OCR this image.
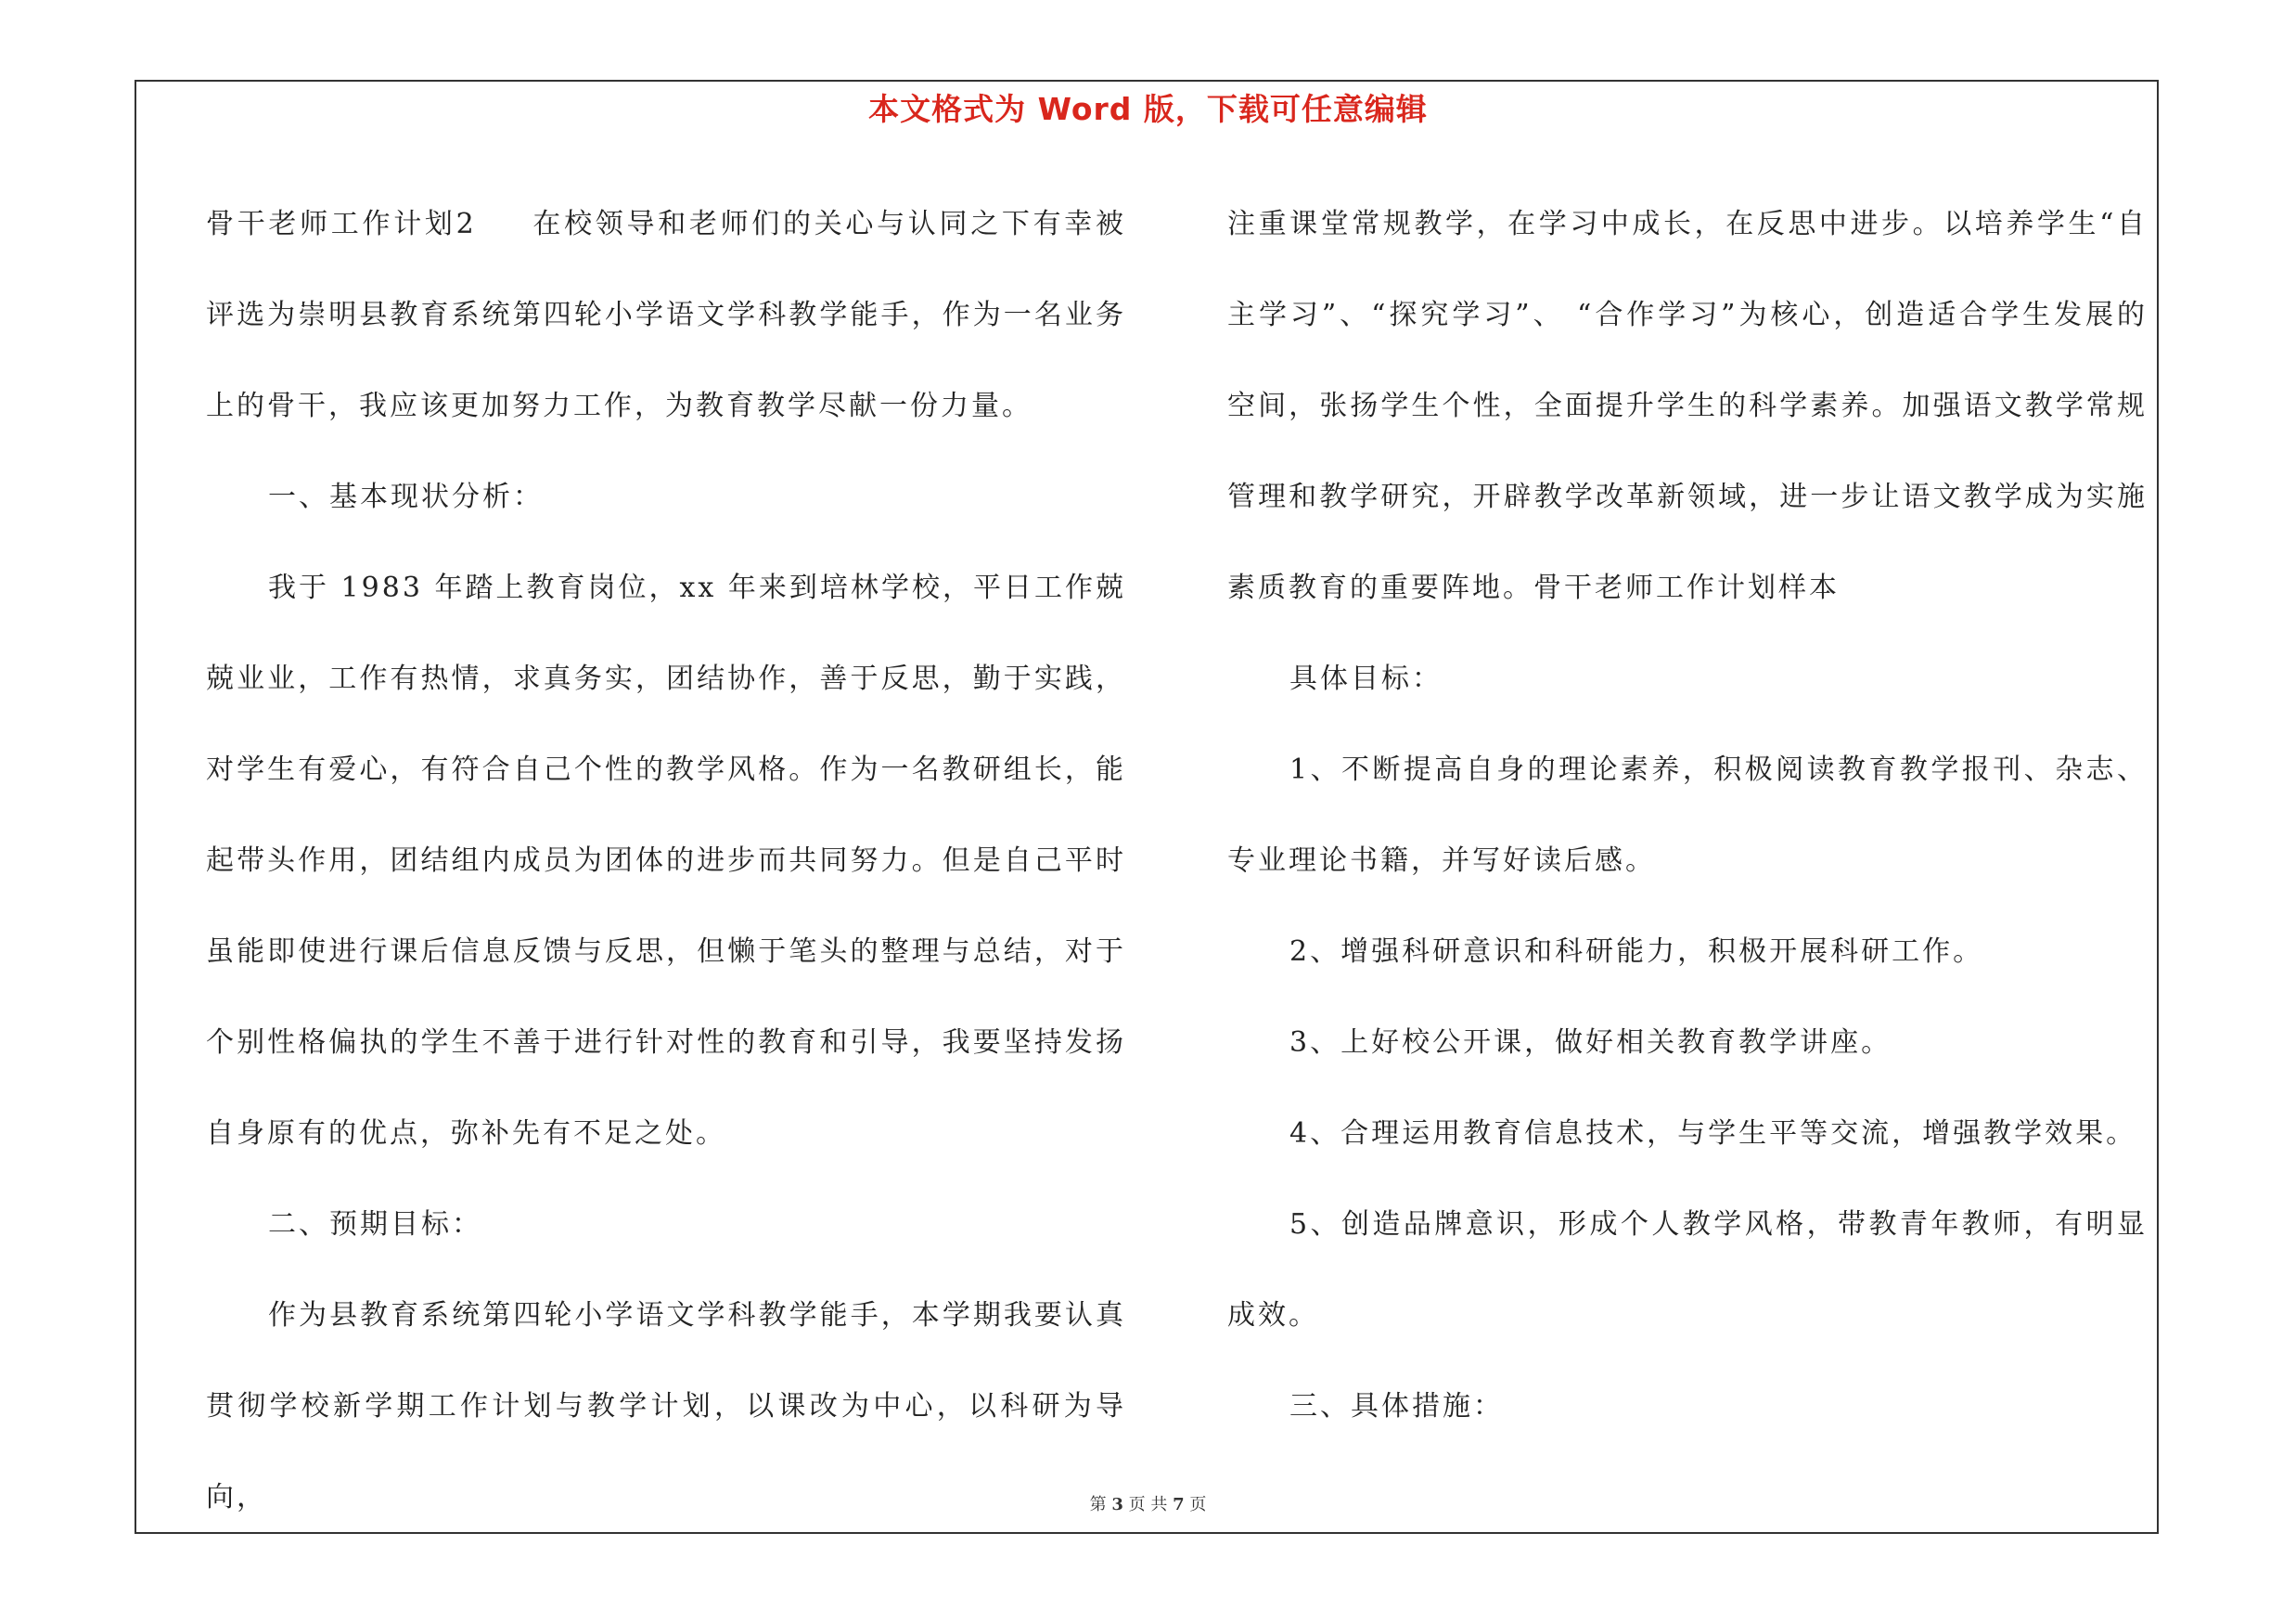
本文格式为 Word 版，下载可任意编辑

骨干老师工作计划2 在校领导和老师们的关心与认同之下有幸被评选为崇明县教育系统第四轮小学语文学科教学能手，作为一名业务上的骨干，我应该更加努力工作，为教育教学尽献一份力量。

一、基本现状分析：

我于 1983 年踏上教育岗位，xx 年来到培林学校，平日工作兢兢业业，工作有热情，求真务实，团结协作，善于反思，勤于实践，对学生有爱心，有符合自己个性的教学风格。作为一名教研组长，能起带头作用，团结组内成员为团体的进步而共同努力。但是自己平时虽能即使进行课后信息反馈与反思，但懒于笔头的整理与总结，对于个别性格偏执的学生不善于进行针对性的教育和引导，我要坚持发扬自身原有的优点，弥补先有不足之处。

二、预期目标：

作为县教育系统第四轮小学语文学科教学能手，本学期我要认真贯彻学校新学期工作计划与教学计划，以课改为中心，以科研为导向，

注重课堂常规教学，在学习中成长，在反思中进步。以培养学生“自主学习”、“探究学习”、 “合作学习”为核心，创造适合学生发展的空间，张扬学生个性，全面提升学生的科学素养。加强语文教学常规管理和教学研究，开辟教学改革新领域，进一步让语文教学成为实施素质教育的重要阵地。骨干老师工作计划样本

具体目标：

1、不断提高自身的理论素养，积极阅读教育教学报刊、杂志、专业理论书籍，并写好读后感。

2、增强科研意识和科研能力，积极开展科研工作。

3、上好校公开课，做好相关教育教学讲座。

4、合理运用教育信息技术，与学生平等交流，增强教学效果。

5、创造品牌意识，形成个人教学风格，带教青年教师，有明显成效。

三、具体措施：

第 3 页 共 7 页
